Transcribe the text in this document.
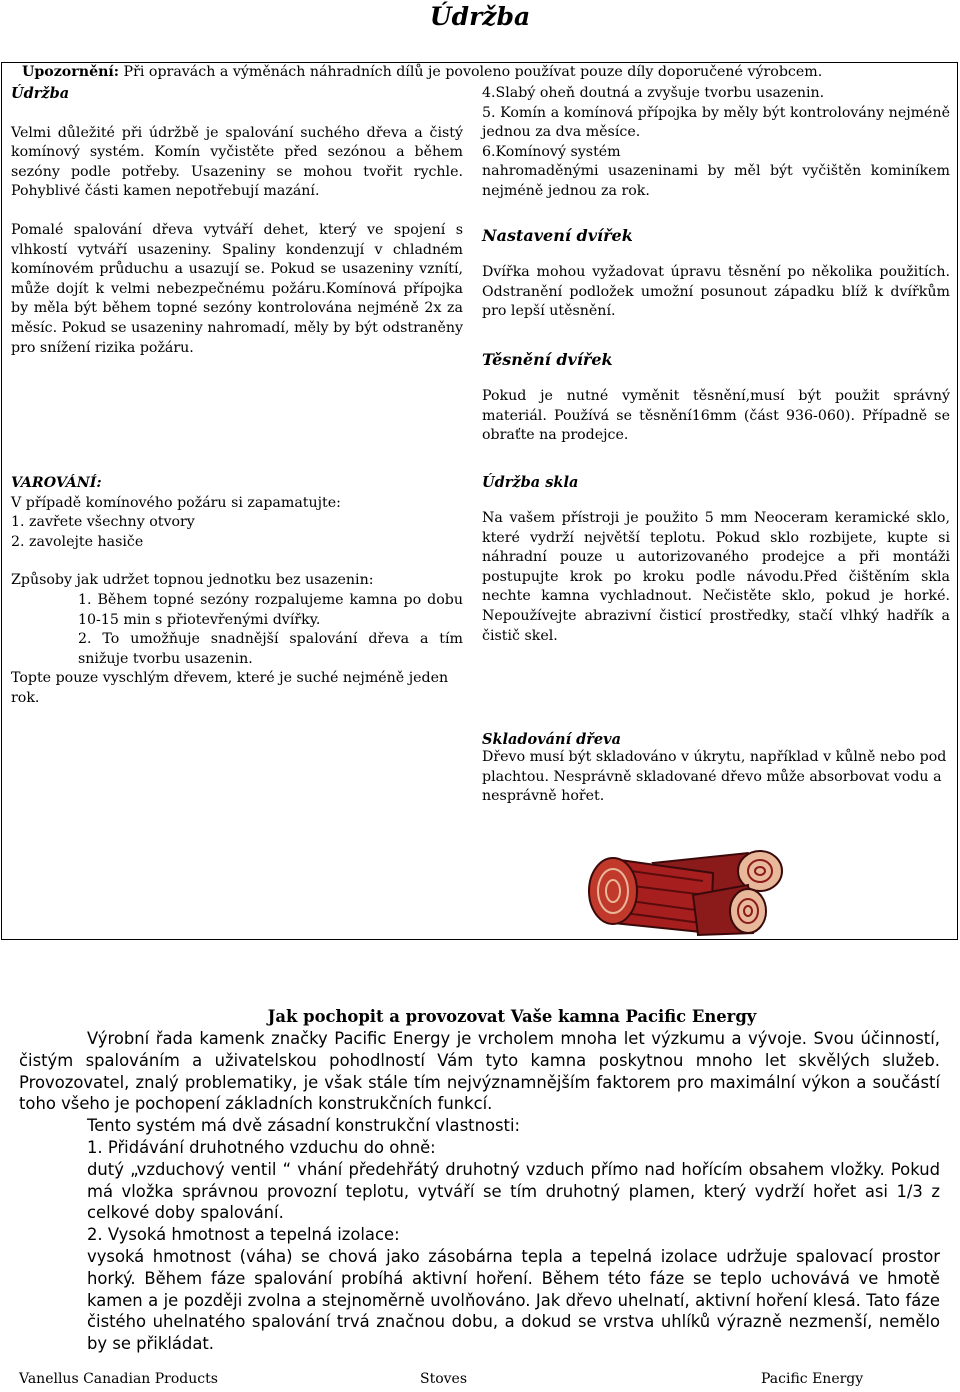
Údržba
Upozornění: Při opravách a výměnách náhradních dílů je povoleno používat pouze díly doporučené výrobcem.

Údržba

Velmi důležité při údržbě je spalování suchého dřeva a čistý komínový systém. Komín vyčistěte před sezónou a během sezóny podle potřeby. Usazeniny se mohou tvořit rychle. Pohyblivé části kamen nepotřebují mazání.

Pomalé spalování dřeva vytváří dehet, který ve spojení s vlhkostí vytváří usazeniny. Spaliny kondenzují v chladném komínovém průduchu a usazují se. Pokud se usazeniny vznítí, může dojít k velmi nebezpečnému požáru.Komínová přípojka by měla být během topné sezóny kontrolována nejméně 2x za měsíc. Pokud se usazeniny nahromadí, měly by být odstraněny pro snížení rizika požáru.

VAROVÁNÍ:

V případě komínového požáru si zapamatujte:

1. zavřete všechny otvory

2. zavolejte hasiče

Způsoby jak udržet topnou jednotku bez usazenin:

1. Během topné sezóny rozpalujeme kamna po dobu 10-15 min s přiotevřenými dvířky.

2. To umožňuje snadnější spalování dřeva a tím snižuje tvorbu usazenin.

Topte pouze vyschlým dřevem, které je suché nejméně jeden rok.

4.Slabý oheň doutná a zvyšuje tvorbu usazenin.

5. Komín a komínová přípojka by měly být kontrolovány nejméně jednou za dva měsíce.

6.Komínový systém

nahromaděnými usazeninami by měl být vyčištěn kominíkem nejméně jednou za rok.

Nastavení dvířek

Dvířka mohou vyžadovat úpravu těsnění po několika použitích. Odstranění podložek umožní posunout západku blíž k dvířkům pro lepší utěsnění.

Těsnění dvířek

Pokud je nutné vyměnit těsnění,musí být použit správný materiál. Používá se těsnění16mm (část 936-060). Případně se obraťte na prodejce.

Údržba skla

Na vašem přístroji je použito 5 mm Neoceram keramické sklo, které vydrží největší teplotu. Pokud sklo rozbijete, kupte si náhradní pouze u autorizovaného prodejce a při montáži postupujte krok po kroku podle návodu.Před čištěním skla nechte kamna vychladnout. Nečistěte sklo, pokud je horké. Nepoužívejte abrazivní čisticí prostředky, stačí vlhký hadřík a čistič skel.

Skladování dřeva

Dřevo musí být skladováno v úkrytu, například v kůlně nebo pod plachtou. Nesprávně skladované dřevo může absorbovat vodu a nesprávně hořet.

Jak pochopit a provozovat Vaše kamna Pacific Energy

Výrobní řada kamenk značky Pacific Energy je vrcholem mnoha let výzkumu a vývoje. Svou účinností, čistým spalováním a uživatelskou pohodlností Vám tyto kamna poskytnou mnoho let skvělých služeb. Provozovatel, znalý problematiky, je však stále tím nejvýznamnějším faktorem pro maximální výkon a součástí toho všeho je pochopení základních konstrukčních funkcí.

Tento systém má dvě zásadní konstrukční vlastnosti:

1. Přidávání druhotného vzduchu do ohně:

dutý „vzduchový ventil “ vhání předehřátý druhotný vzduch přímo nad hořícím obsahem vložky. Pokud má vložka správnou provozní teplotu, vytváří se tím druhotný plamen, který vydrží hořet asi 1/3 z celkové doby spalování.

2. Vysoká hmotnost a tepelná izolace:

vysoká hmotnost (váha) se chová jako zásobárna tepla a tepelná izolace udržuje spalovací prostor horký. Během fáze spalování probíhá aktivní hoření. Během této fáze se teplo uchovává ve hmotě kamen a je později zvolna a stejnoměrně uvolňováno. Jak dřevo uhelnatí, aktivní hoření klesá. Tato fáze čistého uhelnatého spalování trvá značnou dobu, a dokud se vrstva uhlíků výrazně nezmenší, nemělo by se přikládat.

Vanellus Canadian Products	Stoves	Pacific Energy
